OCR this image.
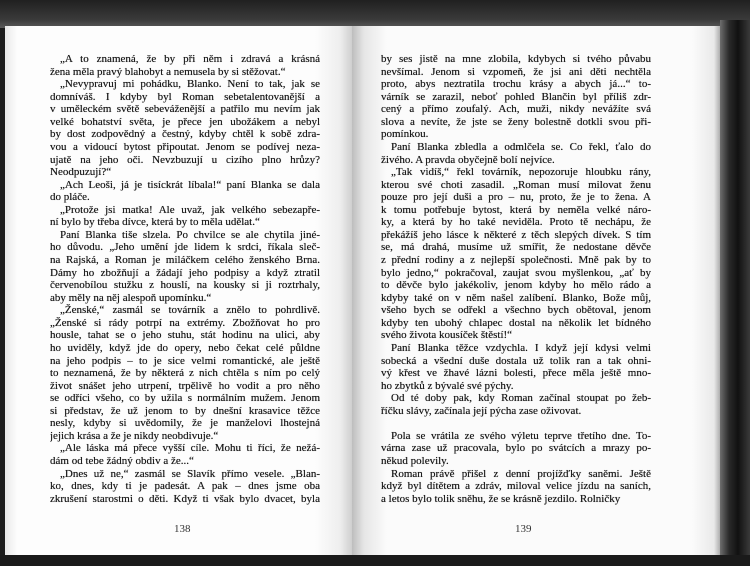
„A to znamená, že by při něm i zdravá a krásná
žena měla pravý blahobyt a nemusela by si stěžovat.“
„Nevypravuj mi pohádku, Blanko. Není to tak, jak se
domníváš. I kdyby byl Roman sebetalentovanější a
v uměleckém světě sebeváženější a patřilo mu nevím jak
velké bohatství světa, je přece jen ubožákem a nebyl
by dost zodpovědný a čestný, kdyby chtěl k sobě zdra-
vou a vidoucí bytost připoutat. Jenom se podívej neza-
ujatě na jeho oči. Nevzbuzují u cizího plno hrůzy?
Neodpuzují?“
„Ach Leoši, já je tisíckrát líbala!“ paní Blanka se dala
do pláče.
„Protože jsi matka! Ale uvaž, jak velkého sebezapře-
ní bylo by třeba dívce, která by to měla udělat.“
Paní Blanka tiše slzela. Po chvilce se ale chytila jiné-
ho důvodu. „Jeho umění jde lidem k srdci, říkala sleč-
na Rajská, a Roman je miláčkem celého ženského Brna.
Dámy ho zbožňují a žádají jeho podpisy a když ztratil
červenobílou stužku z houslí, na kousky si ji roztrhaly,
aby měly na něj alespoň upomínku.“
„Ženské,“ zasmál se továrník a znělo to pohrdlivě.
„Ženské si rády potrpí na extrémy. Zbožňovat ho pro
housle, tahat se o jeho stuhu, stát hodinu na ulici, aby
ho uviděly, když jde do opery, nebo čekat celé půldne
na jeho podpis – to je sice velmi romantické, ale ještě
to neznamená, že by některá z nich chtěla s ním po celý
život snášet jeho utrpení, trpělivě ho vodit a pro něho
se odříci všeho, co by užila s normálním mužem. Jenom
si představ, že už jenom to by dnešní krasavice těžce
nesly, kdyby si uvědomily, že je manželovi lhostejná
jejich krása a že je nikdy neobdivuje.“
„Ale láska má přece vyšší cíle. Mohu ti říci, že nežá-
dám od tebe žádný obdiv a že...“
„Dnes už ne,“ zasmál se Slavík přímo vesele. „Blan-
ko, dnes, kdy ti je padesát. A pak – dnes jsme oba
zkrušení starostmi o děti. Když ti však bylo dvacet, byla
by ses jistě na mne zlobila, kdybych si tvého půvabu
nevšímal. Jenom si vzpomeň, že jsi ani děti nechtěla
proto, abys neztratila trochu krásy a abych já...“ to-
várník se zarazil, neboť pohled Blančin byl příliš zdr-
cený a přímo zoufalý. Ach, muži, nikdy nevážíte svá
slova a nevíte, že jste se ženy bolestně dotkli svou při-
pomínkou.
Paní Blanka zbledla a odmlčela se. Co řekl, ťalo do
živého. A pravda obyčejně bolí nejvíce.
„Tak vidíš,“ řekl továrník, nepozoruje hloubku rány,
kterou své choti zasadil. „Roman musí milovat ženu
pouze pro její duši a pro – nu, proto, že je to žena. A
k tomu potřebuje bytost, která by neměla velké náro-
ky, a která by ho také neviděla. Proto tě nechápu, že
překážíš jeho lásce k některé z těch slepých dívek. S tím
se, má drahá, musíme už smířit, že nedostane děvče
z přední rodiny a z nejlepší společnosti. Mně pak by to
bylo jedno,“ pokračoval, zaujat svou myšlenkou, „ať by
to děvče bylo jakékoliv, jenom kdyby ho mělo rádo a
kdyby také on v něm našel zalíbení. Blanko, Bože můj,
všeho bych se odřekl a všechno bych obětoval, jenom
kdyby ten ubohý chlapec dostal na několik let bídného
svého života kousíček štěstí!“
Paní Blanka těžce vzdychla. I když její kdysi velmi
sobecká a všední duše dostala už tolik ran a tak ohni-
vý křest ve žhavé lázni bolesti, přece měla ještě mno-
ho zbytků z bývalé své pýchy.
Od té doby pak, kdy Roman začínal stoupat po žeb-
říčku slávy, začínala její pýcha zase oživovat.
Pola se vrátila ze svého výletu teprve třetího dne. To-
várna zase už pracovala, bylo po svátcích a mrazy po-
někud polevily.
Roman právě přišel z denní projížďky saněmi. Ještě
když byl dítětem a zdráv, miloval velice jízdu na saních,
a letos bylo tolik sněhu, že se krásně jezdilo. Rolničky
138	139
